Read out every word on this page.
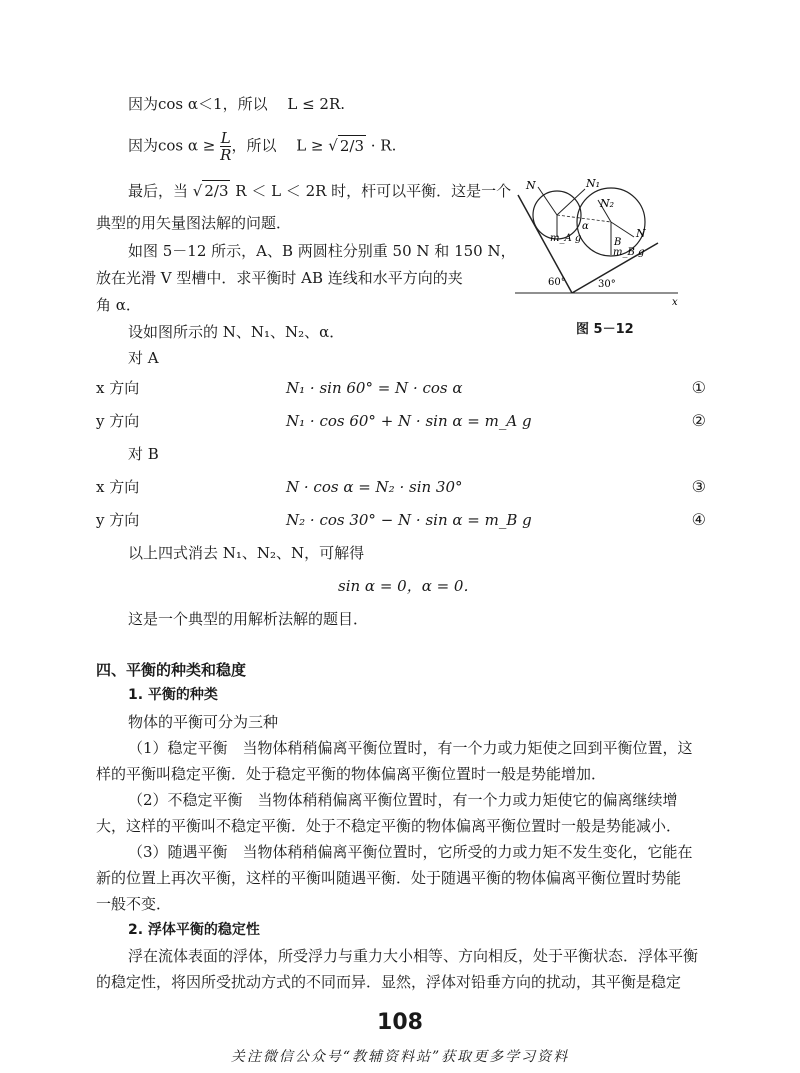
因为cos α＜1，所以　 L ≤ 2R.
因为$\cos \alpha \ge \frac{L}{R}$ ，所以　 L ≥ √ 2/3 · R.
最后，当 √ 2/3 R ＜ L ＜ 2R 时，杆可以平衡．这是一个
典型的用矢量图法解的问题．
如图 5－12 所示，A、B 两圆柱分别重 50 N 和 150 N，
放在光滑 V 型槽中．求平衡时 AB 连线和水平方向的夹
角 α．
设如图所示的 N、N₁、N₂、α．
对 A
x 方向	N₁ · sin 60° = N · cos α	①
y 方向	N₁ · cos 60° + N · sin α = m_A g	②
对 B
x 方向	N · cos α = N₂ · sin 30°	③
y 方向	N₂ · cos 30° − N · sin α = m_B g	④
以上四式消去 N₁、N₂、N，可解得
sin α = 0，α = 0．
这是一个典型的用解析法解的题目．
四、平衡的种类和稳度
1. 平衡的种类
物体的平衡可分为三种
（1）稳定平衡　当物体稍稍偏离平衡位置时，有一个力或力矩使之回到平衡位置，这
样的平衡叫稳定平衡．处于稳定平衡的物体偏离平衡位置时一般是势能增加．
（2）不稳定平衡　当物体稍稍偏离平衡位置时，有一个力或力矩使它的偏离继续增
大，这样的平衡叫不稳定平衡．处于不稳定平衡的物体偏离平衡位置时一般是势能减小．
（3）随遇平衡　当物体稍稍偏离平衡位置时，它所受的力或力矩不发生变化，它能在
新的位置上再次平衡，这样的平衡叫随遇平衡．处于随遇平衡的物体偏离平衡位置时势能
一般不变．
2. 浮体平衡的稳定性
浮在流体表面的浮体，所受浮力与重力大小相等、方向相反，处于平衡状态．浮体平衡
的稳定性，将因所受扰动方式的不同而异．显然，浮体对铅垂方向的扰动，其平衡是稳定
N	N₁
N₂
N
m_A g
m_B g
B
α
60°	30°
x
图 5－12
108
关注微信公众号“教辅资料站”获取更多学习资料
